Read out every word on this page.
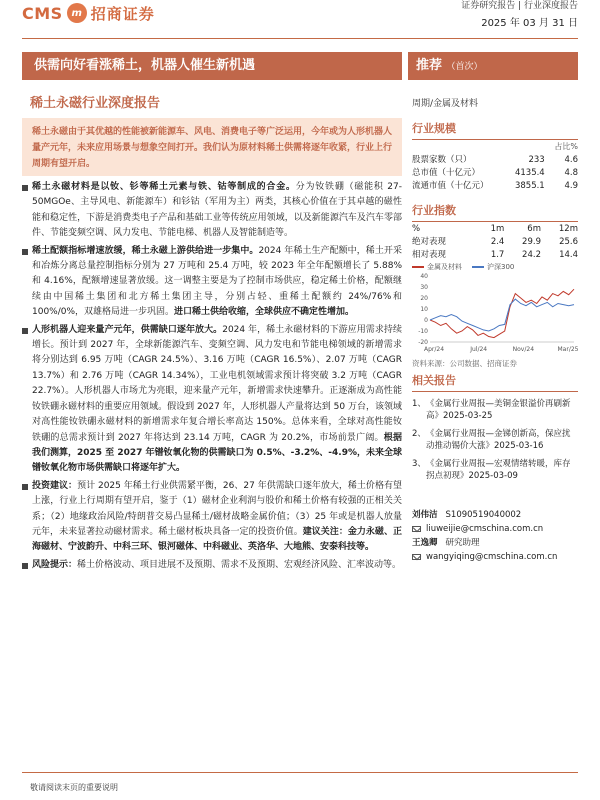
CMS m 招商证券	证券研究报告 | 行业深度报告
2025 年 03 月 31 日
供需向好看涨稀土，机器人催生新机遇	推荐 （首次）
稀土永磁行业深度报告	周期/金属及材料
稀土永磁由于其优越的性能被新能源车、风电、消费电子等广泛运用，今年或为人形机器人量产元年，未来应用场景与想象空间打开。我们认为原材料稀土供需将逐年收紧，行业上行周期有望开启。
稀土永磁材料是以钕、钐等稀土元素与铁、钴等制成的合金。分为钕铁硼（磁能积 27-50MGOe、主导风电、新能源车）和钐钴（军用为主）两类，其核心价值在于其卓越的磁性能和稳定性，下游是消费类电子产品和基础工业等传统应用领域，以及新能源汽车及汽车零部件、节能变频空调、风力发电、节能电梯、机器人及智能制造等。
稀土配额指标增速放缓，稀土永磁上游供给进一步集中。2024 年稀土生产配额中，稀土开采和冶炼分离总量控制指标分别为 27 万吨和 25.4 万吨，较 2023 年全年配额增长了 5.88%和 4.16%，配额增速显著放缓。这一调整主要是为了控制市场供应，稳定稀土价格，配额继续由中国稀土集团和北方稀土集团主导，分别占轻、重稀土配额约 24%/76%和 100%/0%，双雄格局进一步巩固。进口稀土供给收缩，全球供应不确定性增加。
人形机器人迎来量产元年，供需缺口逐年放大。2024 年，稀土永磁材料的下游应用需求持续增长。预计到 2027 年，全球新能源汽车、变频空调、风力发电和节能电梯领域的新增需求将分别达到 6.95 万吨（CAGR 24.5%）、3.16 万吨（CAGR 16.5%）、2.07 万吨（CAGR 13.7%）和 2.76 万吨（CAGR 14.34%），工业电机领域需求预计将突破 3.2 万吨（CAGR 22.7%）。人形机器人市场尤为亮眼，迎来量产元年，新增需求快速攀升。正逐渐成为高性能钕铁硼永磁材料的重要应用领域。假设到 2027 年，人形机器人产量将达到 50 万台，该领域对高性能钕铁硼永磁材料的新增需求年复合增长率高达 150%。总体来看，全球对高性能钕铁硼的总需求预计到 2027 年将达到 23.14 万吨，CAGR 为 20.2%，市场前景广阔。根据我们测算，2025 至 2027 年镨钕氧化物的供需缺口为 0.5%、-3.2%、-4.9%，未来全球镨钕氧化物市场供需缺口将逐年扩大。
投资建议：预计 2025 年稀土行业供需紧平衡，26、27 年供需缺口逐年放大，稀土价格有望上涨，行业上行周期有望开启，鉴于（1）磁材企业利润与股价和稀土价格有较强的正相关关系；（2）地缘政治风险/特朗普交易凸显稀土/磁材战略金属价值；（3）25 年或是机器人放量元年，未来显著拉动磁材需求。稀土磁材板块具备一定的投资价值。建议关注：金力永磁、正海磁材、宁波韵升、中科三环、银河磁体、中科磁业、英洛华、大地熊、安泰科技等。
风险提示：稀土价格波动、项目进展不及预期、需求不及预期、宏观经济风险、汇率波动等。
行业规模
		占比%
股票家数（只）	233	4.6
总市值（十亿元）	4135.4	4.8
流通市值（十亿元）	3855.1	4.9
行业指数
%	1m	6m	12m
绝对表现	2.4	29.9	25.6
相对表现	1.7	24.2	14.4
金属及材料	沪深300
-20
-10
0
10
20
30
40
Apr/24	Jul/24	Nov/24	Mar/25
资料来源：公司数据、招商证券
相关报告
1、 《金属行业周报—美铜金银溢价再刷新高》2025-03-25
2、 《金属行业周报—金锑创新高，保应扰动推动锡价大涨》2025-03-16
3、 《金属行业周报—宏观情绪转暖，库存拐点初现》2025-03-09
刘伟洁 S1090519040002
liuweijie@cmschina.com.cn
王逸卿 研究助理
wangyiqing@cmschina.com.cn
敬请阅读末页的重要说明
